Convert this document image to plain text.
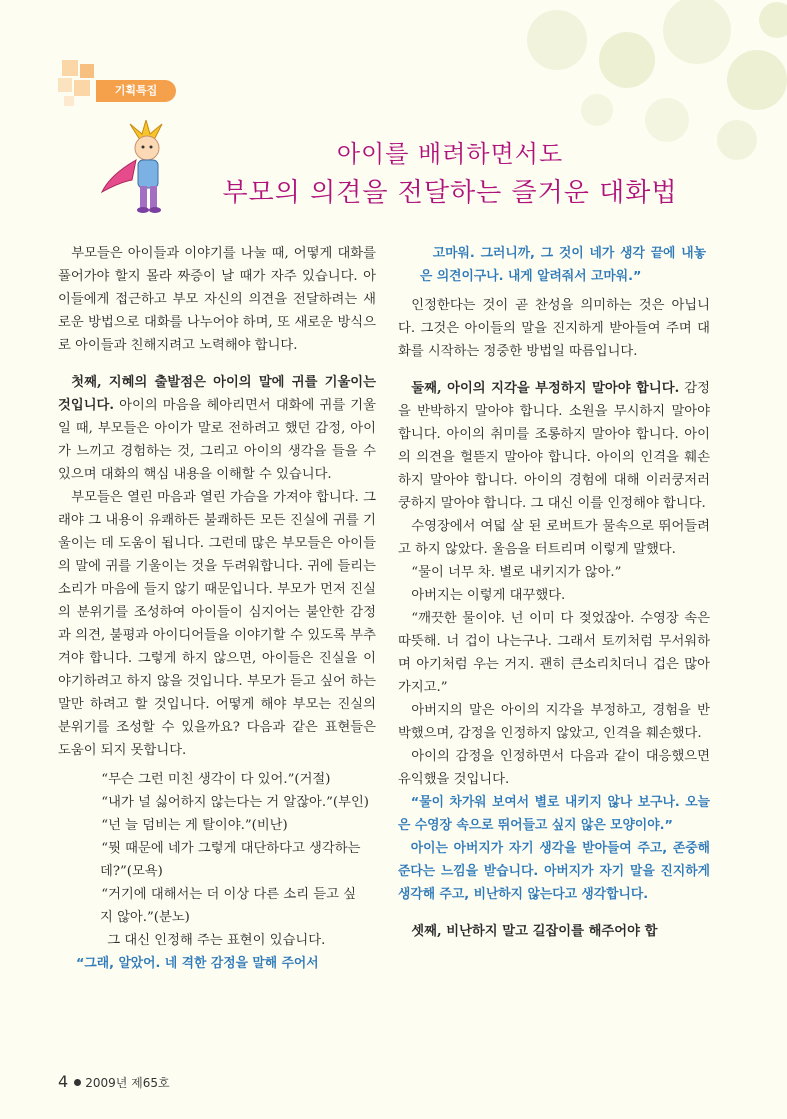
기획특집
아이를 배려하면서도
부모의 의견을 전달하는 즐거운 대화법

부모들은 아이들과 이야기를 나눌 때, 어떻게 대화를 풀어가야 할지 몰라 짜증이 날 때가 자주 있습니다. 아이들에게 접근하고 부모 자신의 의견을 전달하려는 새로운 방법으로 대화를 나누어야 하며, 또 새로운 방식으로 아이들과 친해지려고 노력해야 합니다.

첫째, 지혜의 출발점은 아이의 말에 귀를 기울이는 것입니다. 아이의 마음을 헤아리면서 대화에 귀를 기울일 때, 부모들은 아이가 말로 전하려고 했던 감정, 아이가 느끼고 경험하는 것, 그리고 아이의 생각을 들을 수 있으며 대화의 핵심 내용을 이해할 수 있습니다.

부모들은 열린 마음과 열린 가슴을 가져야 합니다. 그래야 그 내용이 유쾌하든 불쾌하든 모든 진실에 귀를 기울이는 데 도움이 됩니다. 그런데 많은 부모들은 아이들의 말에 귀를 기울이는 것을 두려워합니다. 귀에 들리는 소리가 마음에 들지 않기 때문입니다. 부모가 먼저 진실의 분위기를 조성하여 아이들이 심지어는 불안한 감정과 의견, 불평과 아이디어들을 이야기할 수 있도록 부추겨야 합니다. 그렇게 하지 않으면, 아이들은 진실을 이야기하려고 하지 않을 것입니다. 부모가 듣고 싶어 하는 말만 하려고 할 것입니다. 어떻게 해야 부모는 진실의 분위기를 조성할 수 있을까요? 다음과 같은 표현들은 도움이 되지 못합니다.

“무슨 그런 미친 생각이 다 있어.”(거절)

“내가 널 싫어하지 않는다는 거 알잖아.”(부인)

“넌 늘 덤비는 게 탈이야.”(비난)

“뭣 때문에 네가 그렇게 대단하다고 생각하는

데?”(모욕)

“거기에 대해서는 더 이상 다른 소리 듣고 싶

지 않아.”(분노)

그 대신 인정해 주는 표현이 있습니다.

“그래, 알았어. 네 격한 감정을 말해 주어서

고마워. 그러니까, 그 것이 네가 생각 끝에 내놓은 의견이구나. 내게 알려줘서 고마워.”

인정한다는 것이 곧 찬성을 의미하는 것은 아닙니다. 그것은 아이들의 말을 진지하게 받아들여 주며 대화를 시작하는 정중한 방법일 따름입니다.

둘째, 아이의 지각을 부정하지 말아야 합니다. 감정을 반박하지 말아야 합니다. 소원을 무시하지 말아야 합니다. 아이의 취미를 조롱하지 말아야 합니다. 아이의 의견을 헐뜯지 말아야 합니다. 아이의 인격을 훼손하지 말아야 합니다. 아이의 경험에 대해 이러쿵저러쿵하지 말아야 합니다. 그 대신 이를 인정해야 합니다.

수영장에서 여덟 살 된 로버트가 물속으로 뛰어들려고 하지 않았다. 울음을 터트리며 이렇게 말했다.

“물이 너무 차. 별로 내키지가 않아.”

아버지는 이렇게 대꾸했다.

“깨끗한 물이야. 넌 이미 다 젖었잖아. 수영장 속은 따뜻해. 너 겁이 나는구나. 그래서 토끼처럼 무서워하며 아기처럼 우는 거지. 괜히 큰소리치더니 겁은 많아가지고.”

아버지의 말은 아이의 지각을 부정하고, 경험을 반박했으며, 감정을 인정하지 않았고, 인격을 훼손했다.

아이의 감정을 인정하면서 다음과 같이 대응했으면 유익했을 것입니다.

“물이 차가워 보여서 별로 내키지 않나 보구나. 오늘은 수영장 속으로 뛰어들고 싶지 않은 모양이야.”

아이는 아버지가 자기 생각을 받아들여 주고, 존중해 준다는 느낌을 받습니다. 아버지가 자기 말을 진지하게 생각해 주고, 비난하지 않는다고 생각합니다.

셋째, 비난하지 말고 길잡이를 해주어야 합

4 2009년 제65호
